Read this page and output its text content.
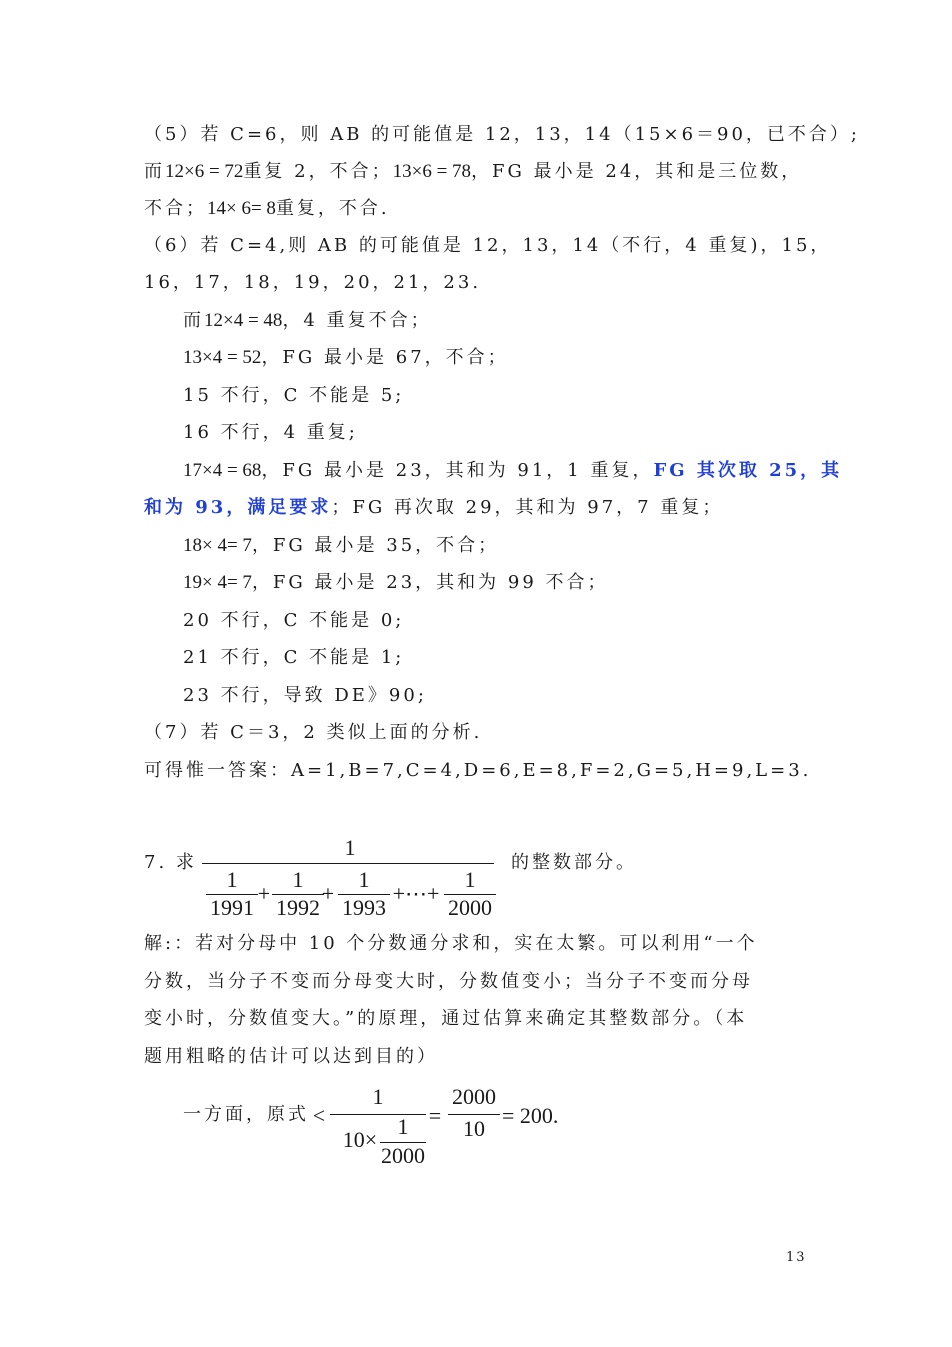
（5）若 C=6，则 AB 的可能值是 12，13，14（15×6＝90，已不合）;
而12×6 = 72重复 2，不合；13×6 = 78，FG 最小是 24，其和是三位数，
不合；14× 6= 8重复，不合.
（6）若 C=4,则 AB 的可能值是 12，13，14（不行，4 重复)，15，
16，17，18，19，20，21，23.
而12×4 = 48，4 重复不合；
13×4 = 52，FG 最小是 67，不合；
15 不行，C 不能是 5;
16 不行，4 重复;
17×4 = 68，FG 最小是 23，其和为 91，1 重复，FG 其次取 25，其
和为 93，满足要求；FG 再次取 29，其和为 97，7 重复；
18× 4= 7，FG 最小是 35，不合；
19× 4= 7，FG 最小是 23，其和为 99 不合；
20 不行，C 不能是 0;
21 不行，C 不能是 1;
23 不行，导致 DE》90;
（7）若 C＝3，2 类似上面的分析.
可得惟一答案：A=1,B=7,C=4,D=6,E=8,F=2,G=5,H=9,L=3.
7. 求
1
1
1991
+
1
1992
+
1
1993
+⋯+
1
2000
的整数部分。
解:：若对分母中 10 个分数通分求和，实在太繁。可以利用“一个
分数，当分子不变而分母变大时，分数值变小；当分子不变而分母
变小时，分数值变大。”的原理，通过估算来确定其整数部分。（本
题用粗略的估计可以达到目的）
一方面，原式 <
1
10×
1
2000
=
2000
10
= 200.
13
